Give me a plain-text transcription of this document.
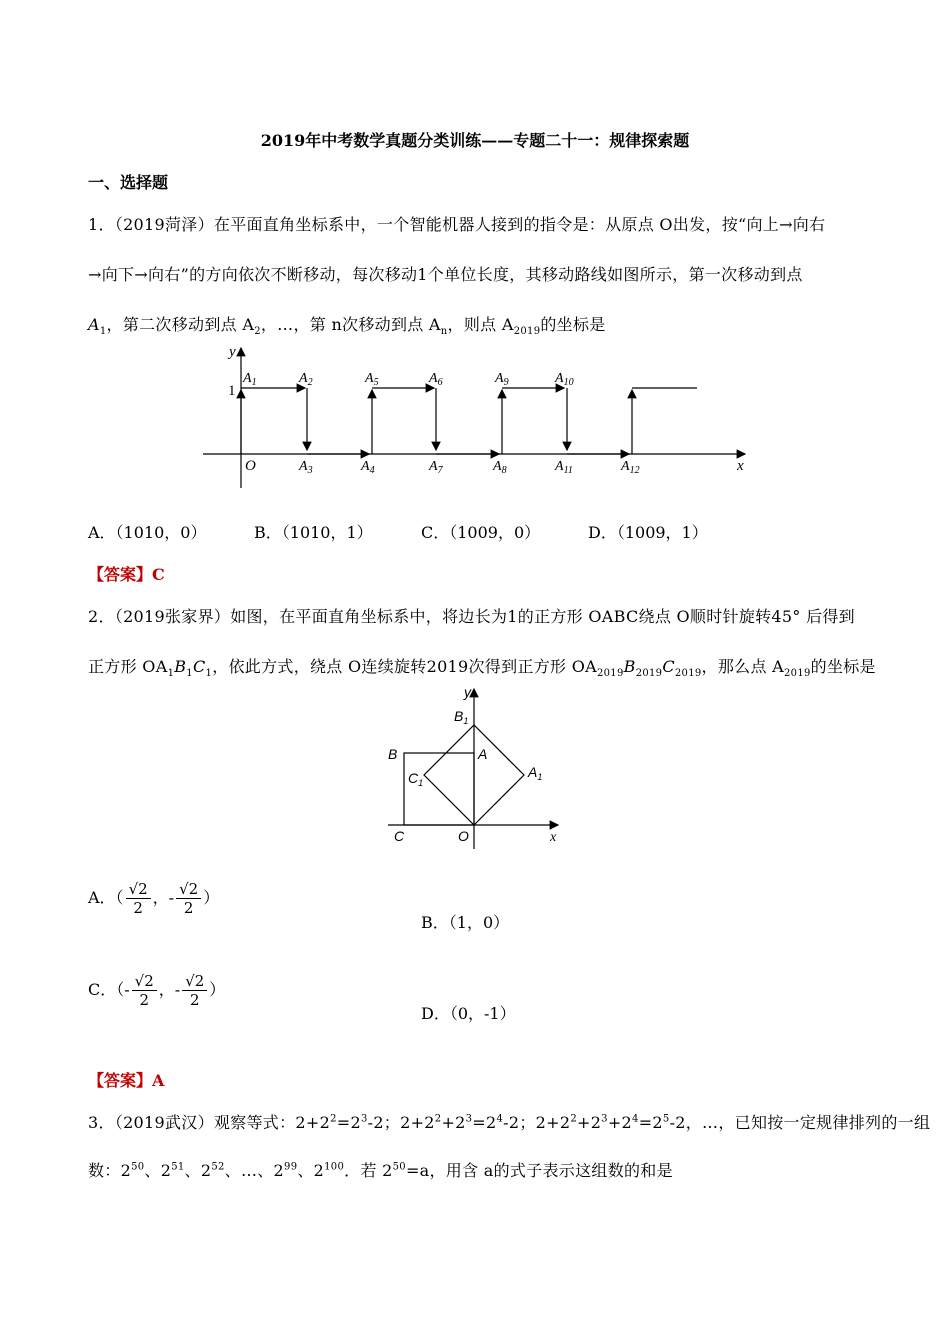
2019年中考数学真题分类训练——专题二十一：规律探索题
一、选择题
1．（2019菏泽）在平面直角坐标系中，一个智能机器人接到的指令是：从原点 O出发，按“向上→向右
→向下→向右”的方向依次不断移动，每次移动1个单位长度，其移动路线如图所示，第一次移动到点
$A_1$，第二次移动到点 $A_2$，…，第 n次移动到点 $A_n$，则点 $A_{2019}$的坐标是
y
x
O
1
$A_1$	$A_2$	$A_5$	$A_6$	$A_9$	$A_{10}$
$A_3$	$A_4$	$A_7$	$A_8$	$A_{11}$	$A_{12}$
A．（1010，0）	B．（1010，1）	C．（1009，0）	D．（1009，1）
【答案】C
2．（2019张家界）如图，在平面直角坐标系中，将边长为1的正方形 OABC绕点 O顺时针旋转45° 后得到
正方形 $OA_1B_1C_1$，依此方式，绕点 O连续旋转2019次得到正方形 $OA_{2019}B_{2019}C_{2019}$，那么点 $A_{2019}$的坐标是
y
x
O
A
B
C
$B_1$
$A_1$
$C_1$
A．（ $\frac{√2}{2}$ ，- $\frac{√2}{2}$ ）
B．（1，0）
C．（- $\frac{√2}{2}$ ，- $\frac{√2}{2}$ ）
D．（0，-1）
【答案】A
3．（2019武汉）观察等式：$2+2^2=2^3-2$；$2+2^2+2^3=2^4-2$；$2+2^2+2^3+2^4=2^5-2$，…，已知按一定规律排列的一组
数：$2^{50}$、$2^{51}$、$2^{52}$、…、$2^{99}$、$2^{100}$．若 $2^{50}=a$，用含 a的式子表示这组数的和是
